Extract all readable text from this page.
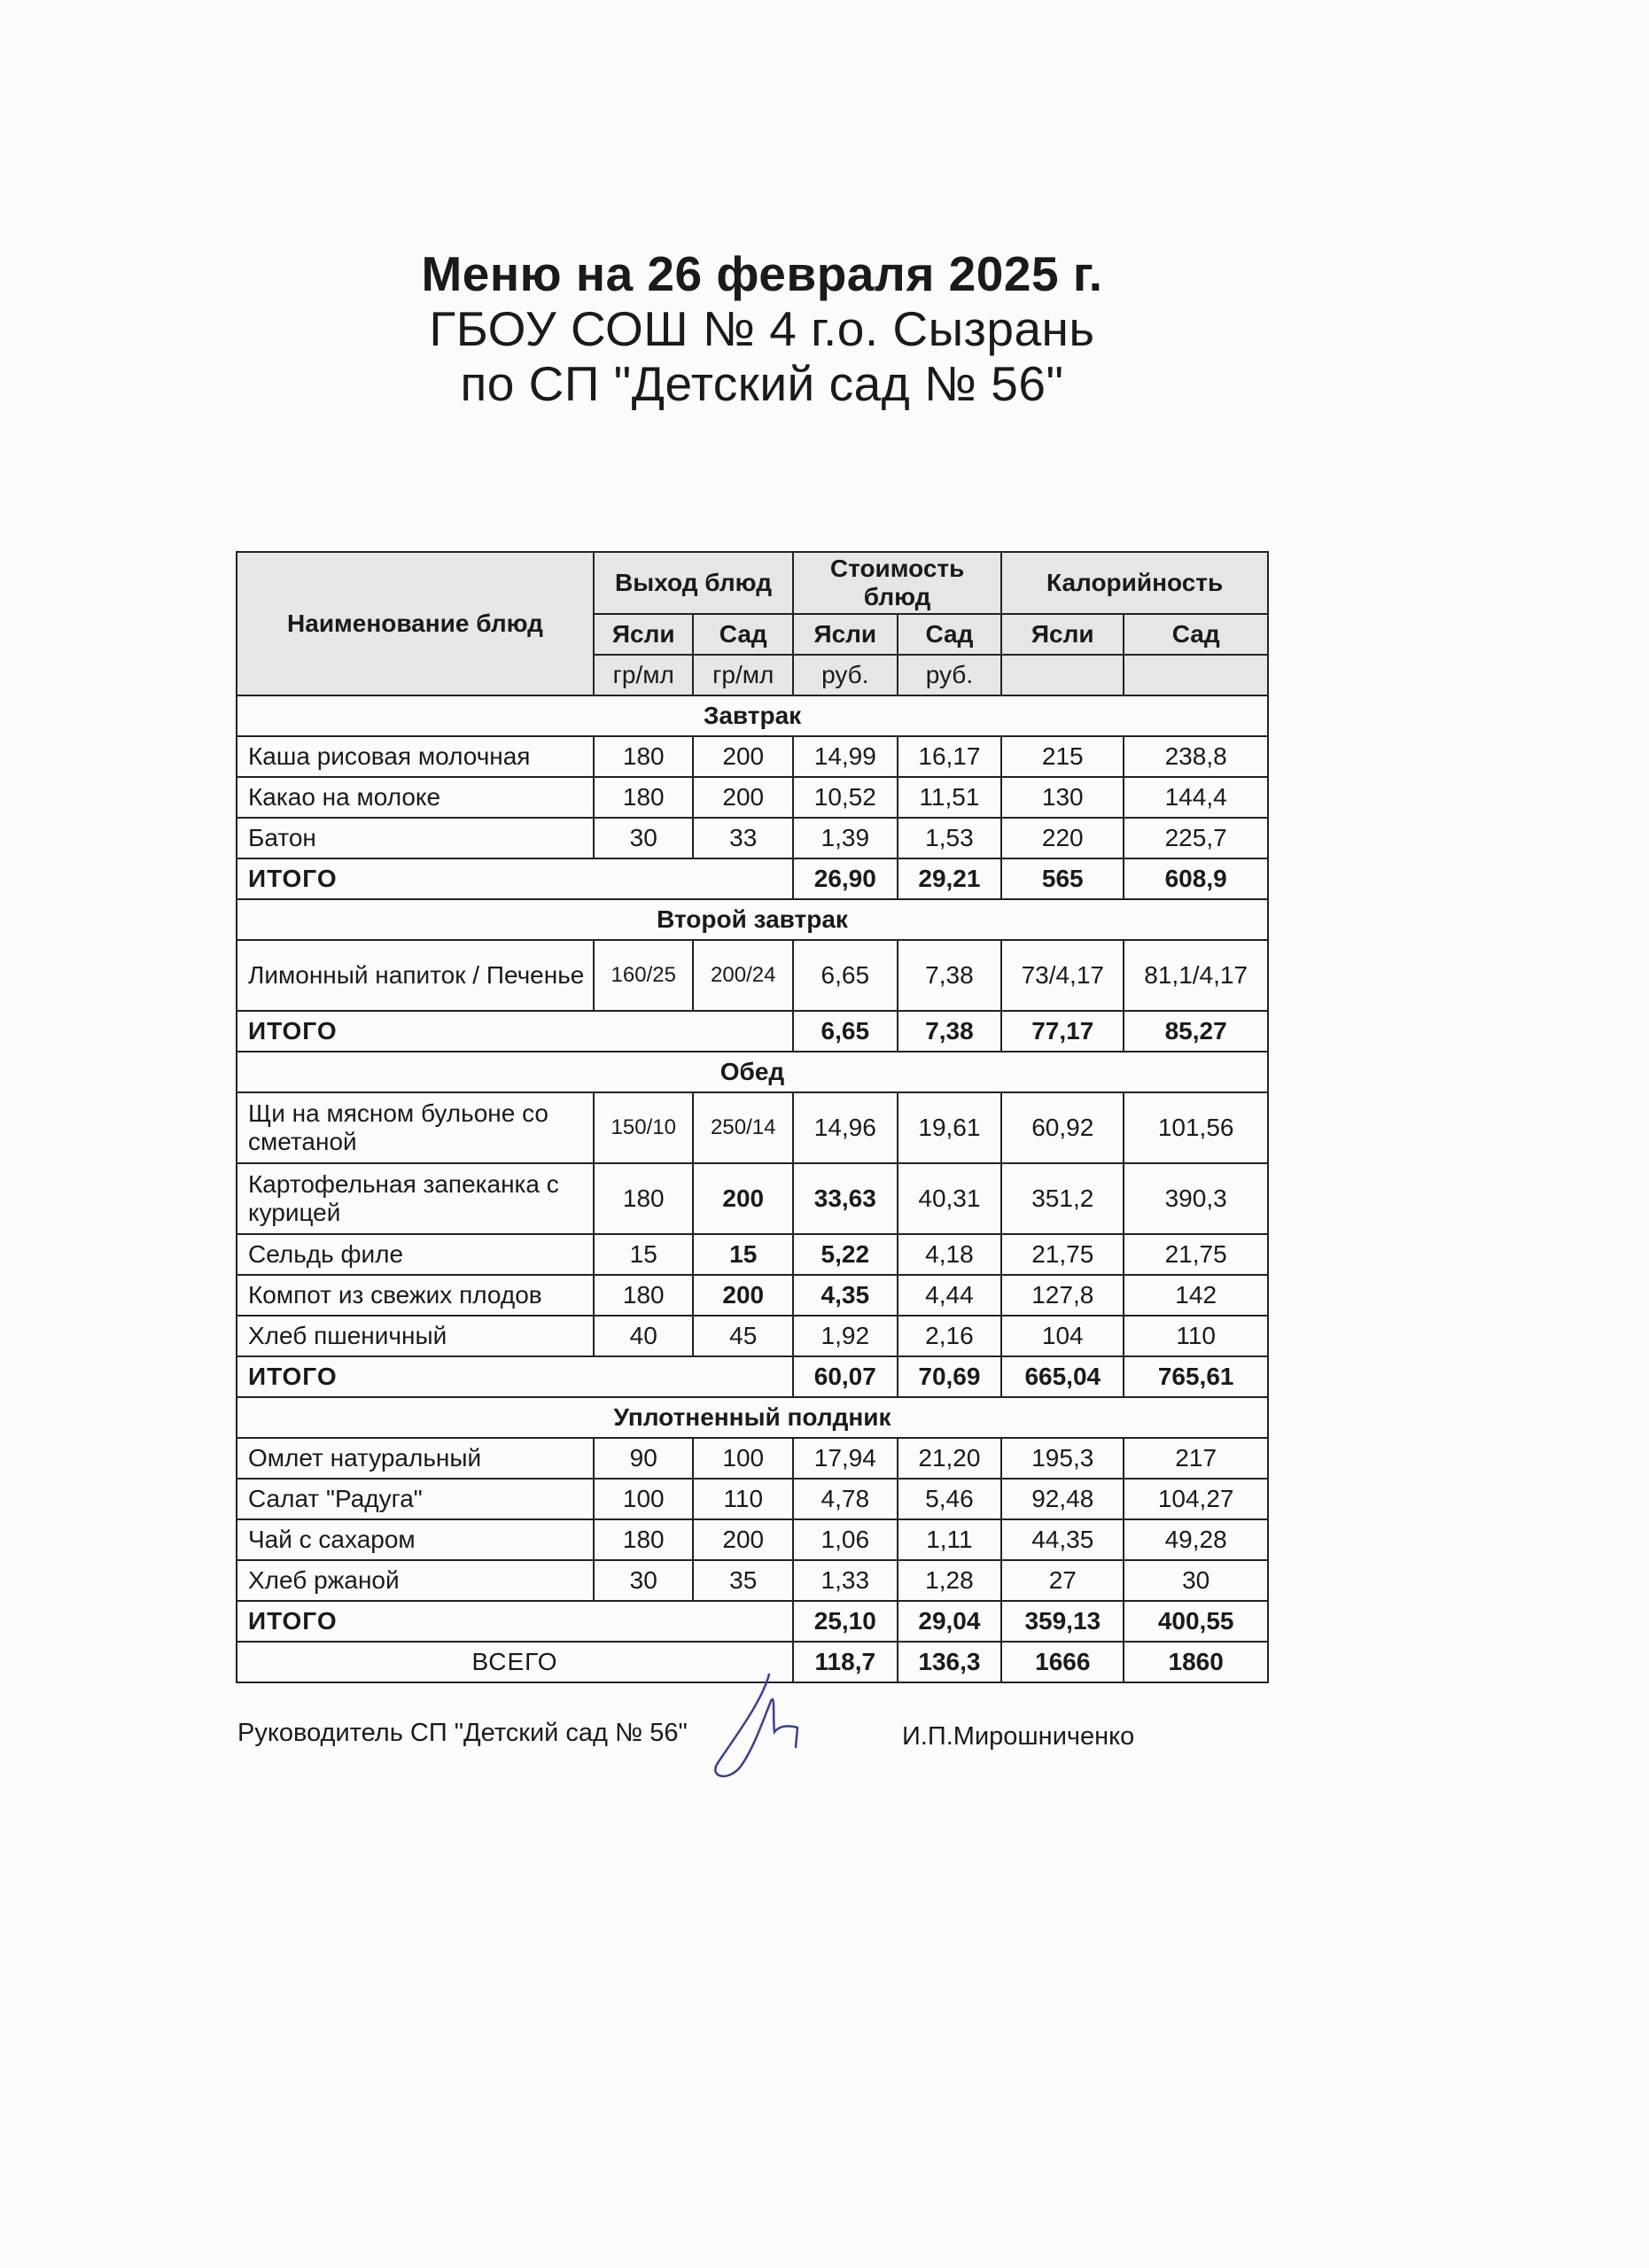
Меню на 26 февраля 2025 г.
ГБОУ СОШ № 4 г.о. Сызрань
по СП "Детский сад № 56"
Наименование блюд	Выход блюд		Стоимость блюд		Калорийность	
	Ясли	Сад	Ясли	Сад	Ясли	Сад
	гр/мл	гр/мл	руб.	руб.		
Завтрак						
Каша рисовая молочная	180	200	14,99	16,17	215	238,8
Какао на молоке	180	200	10,52	11,51	130	144,4
Батон	30	33	1,39	1,53	220	225,7
ИТОГО			26,90	29,21	565	608,9
Второй завтрак						
Лимонный напиток / Печенье	160/25	200/24	6,65	7,38	73/4,17	81,1/4,17
ИТОГО			6,65	7,38	77,17	85,27
Обед						
Щи на мясном бульоне со сметаной	150/10	250/14	14,96	19,61	60,92	101,56
Картофельная запеканка с курицей	180	200	33,63	40,31	351,2	390,3
Сельдь филе	15	15	5,22	4,18	21,75	21,75
Компот из свежих плодов	180	200	4,35	4,44	127,8	142
Хлеб пшеничный	40	45	1,92	2,16	104	110
ИТОГО			60,07	70,69	665,04	765,61
Уплотненный полдник						
Омлет натуральный	90	100	17,94	21,20	195,3	217
Салат "Радуга"	100	110	4,78	5,46	92,48	104,27
Чай с сахаром	180	200	1,06	1,11	44,35	49,28
Хлеб ржаной	30	35	1,33	1,28	27	30
ИТОГО			25,10	29,04	359,13	400,55
ВСЕГО			118,7	136,3	1666	1860
Руководитель СП "Детский сад № 56"	И.П.Мирошниченко
